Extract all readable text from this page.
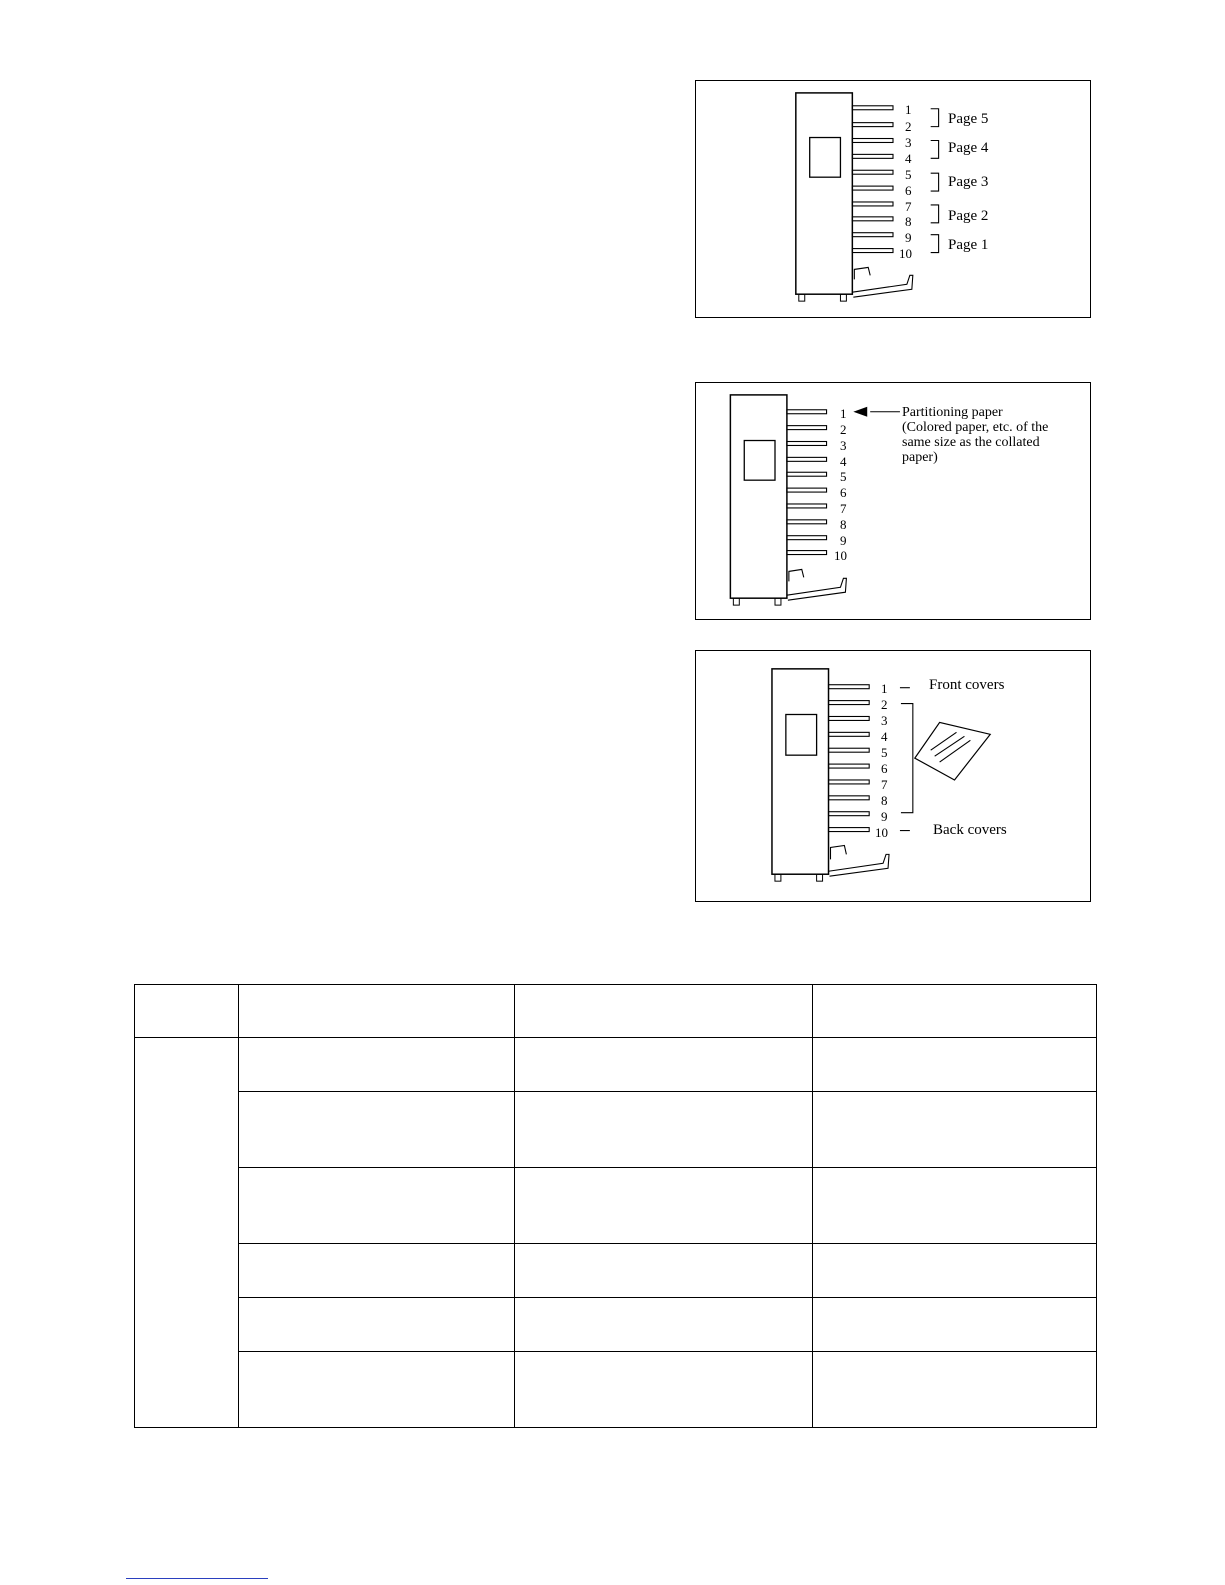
1
2
3
4
5
6
7
8
9
10
Page 5
Page 4
Page 3
Page 2
Page 1
1
2
3
4
5
6
7
8
9
10
Partitioning paper
(Colored paper, etc. of the
same size as the collated
paper)
1
2
3
4
5
6
7
8
9
10
Front covers
Back covers
